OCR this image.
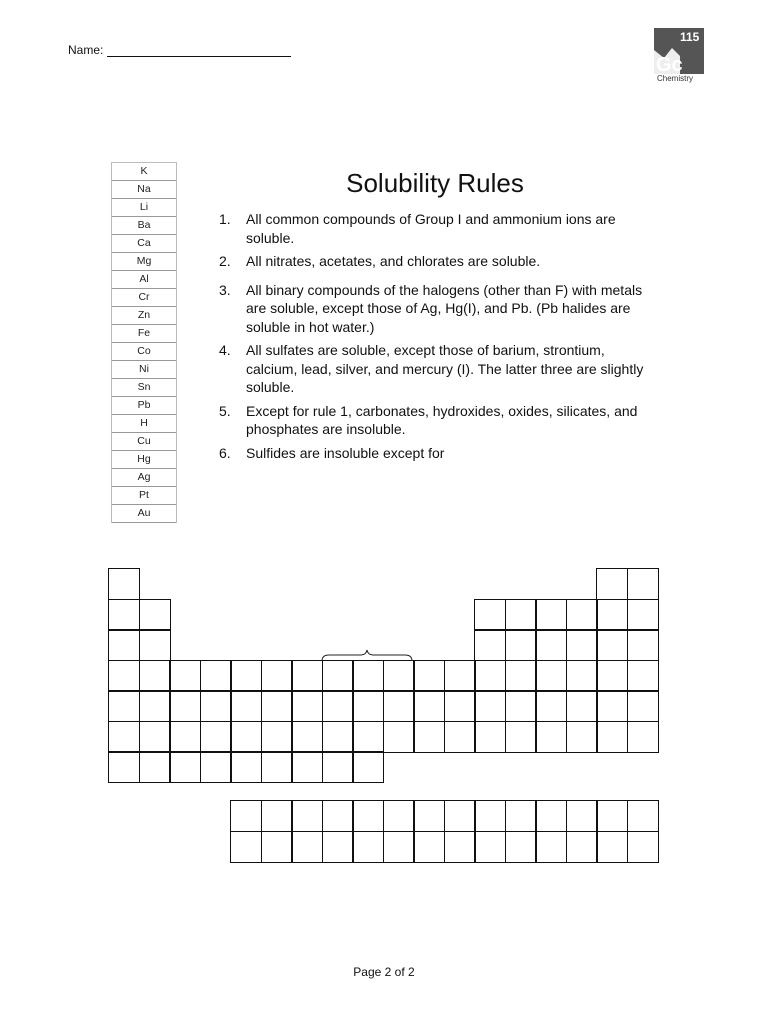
Name:
115
Gc
Chemistry
K
Na
Li
Ba
Ca
Mg
Al
Cr
Zn
Fe
Co
Ni
Sn
Pb
H
Cu
Hg
Ag
Pt
Au
Solubility Rules
1. All common compounds of Group I and ammonium ions are soluble.
2. All nitrates, acetates, and chlorates are soluble.
3. All binary compounds of the halogens (other than F) with metals are soluble, except those of Ag, Hg(I), and Pb. (Pb halides are soluble in hot water.)
4. All sulfates are soluble, except those of barium, strontium, calcium, lead, silver, and mercury (I). The latter three are slightly soluble.
5. Except for rule 1, carbonates, hydroxides, oxides, silicates, and phosphates are insoluble.
6. Sulfides are insoluble except for
Page 2 of 2
